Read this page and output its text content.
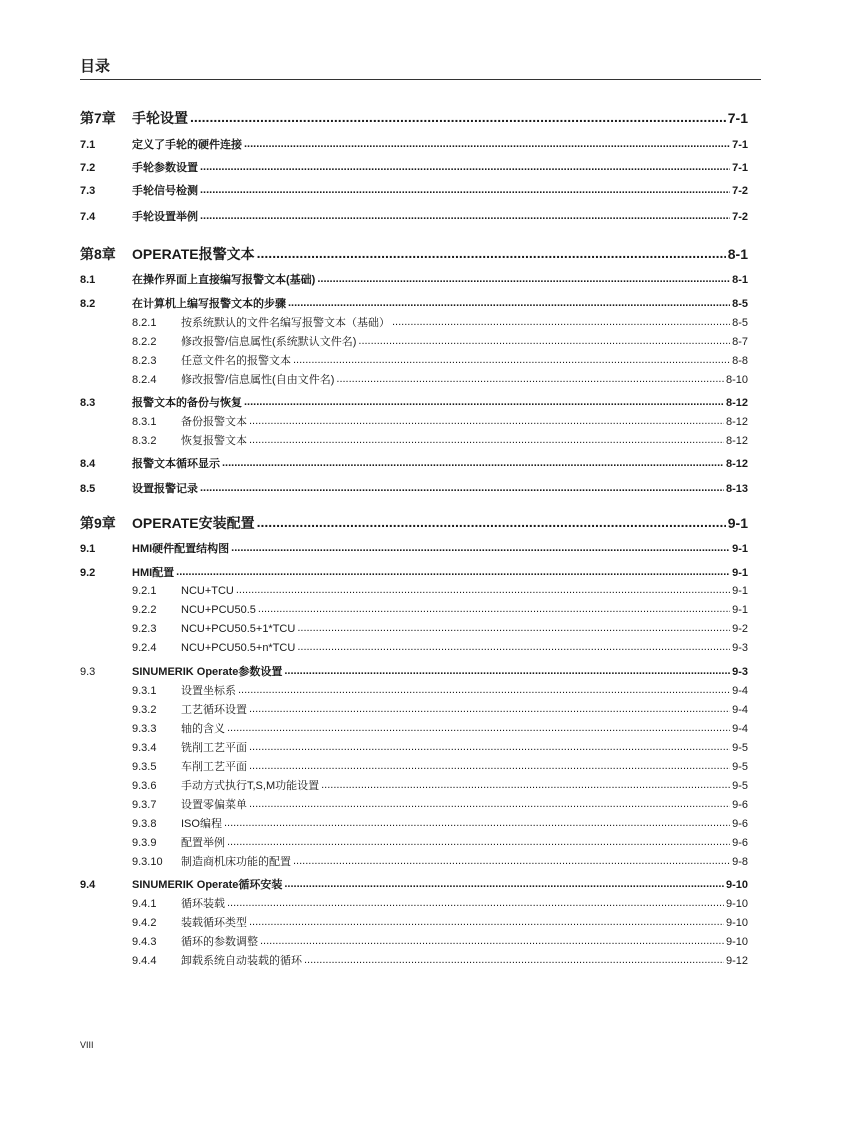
目录
第7章	手轮设置 .....	7-1
7.1	定义了手轮的硬件连接 .....	7-1
7.2	手轮参数设置 .....	7-1
7.3	手轮信号检测 .....	7-2
7.4	手轮设置举例 .....	7-2
第8章	OPERATE报警文本 .....	8-1
8.1	在操作界面上直接编写报警文本(基础) .....	8-1
8.2	在计算机上编写报警文本的步骤 .....	8-5
8.2.1	按系统默认的文件名编写报警文本（基础） .....	8-5
8.2.2	修改报警/信息属性(系统默认文件名) .....	8-7
8.2.3	任意文件名的报警文本 .....	8-8
8.2.4	修改报警/信息属性(自由文件名) .....	8-10
8.3	报警文本的备份与恢复 .....	8-12
8.3.1	备份报警文本 .....	8-12
8.3.2	恢复报警文本 .....	8-12
8.4	报警文本循环显示 .....	8-12
8.5	设置报警记录 .....	8-13
第9章	OPERATE安装配置 .....	9-1
9.1	HMI硬件配置结构图 .....	9-1
9.2	HMI配置 .....	9-1
9.2.1	NCU+TCU .....	9-1
9.2.2	NCU+PCU50.5 .....	9-1
9.2.3	NCU+PCU50.5+1*TCU .....	9-2
9.2.4	NCU+PCU50.5+n*TCU .....	9-3
9.3	SINUMERIK Operate参数设置 .....	9-3
9.3.1	设置坐标系 .....	9-4
9.3.2	工艺循环设置 .....	9-4
9.3.3	轴的含义 .....	9-4
9.3.4	铣削工艺平面 .....	9-5
9.3.5	车削工艺平面 .....	9-5
9.3.6	手动方式执行T,S,M功能设置 .....	9-5
9.3.7	设置零偏菜单 .....	9-6
9.3.8	ISO编程 .....	9-6
9.3.9	配置举例 .....	9-6
9.3.10	制造商机床功能的配置 .....	9-8
9.4	SINUMERIK Operate循环安装 .....	9-10
9.4.1	循环装载 .....	9-10
9.4.2	装载循环类型 .....	9-10
9.4.3	循环的参数调整 .....	9-10
9.4.4	卸载系统自动装载的循环 .....	9-12
VIII
